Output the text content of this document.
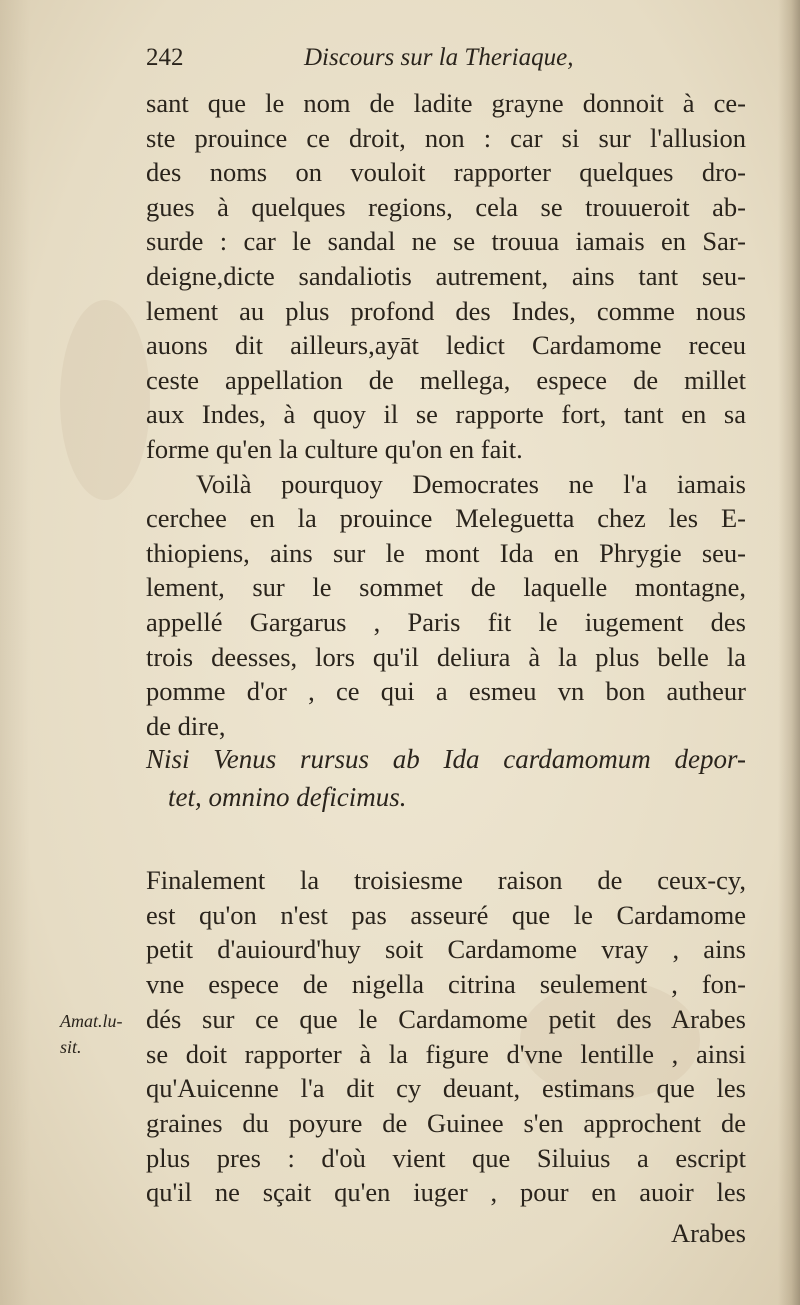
242	Discours sur la Theriaque,
sant que le nom de ladite grayne donnoit à ce-
ste prouince ce droit, non : car si sur l'allusion
des noms on vouloit rapporter quelques dro-
gues à quelques regions, cela se trouueroit ab-
surde : car le sandal ne se trouua iamais en Sar-
deigne,dicte sandaliotis autrement, ains tant seu-
lement au plus profond des Indes, comme nous
auons dit ailleurs,ayāt ledict Cardamome receu
ceste appellation de mellega, espece de millet
aux Indes, à quoy il se rapporte fort, tant en sa
forme qu'en la culture qu'on en fait.
Voilà pourquoy Democrates ne l'a iamais
cerchee en la prouince Meleguetta chez les E-
thiopiens, ains sur le mont Ida en Phrygie seu-
lement, sur le sommet de laquelle montagne,
appellé Gargarus , Paris fit le iugement des
trois deesses, lors qu'il deliura à la plus belle la
pomme d'or , ce qui a esmeu vn bon autheur
de dire,
Nisi Venus rursus ab Ida cardamomum depor-
tet, omnino deficimus.
Finalement la troisiesme raison de ceux-cy,
est qu'on n'est pas asseuré que le Cardamome
petit d'auiourd'huy soit Cardamome vray , ains
vne espece de nigella citrina seulement , fon-
dés sur ce que le Cardamome petit des Arabes
se doit rapporter à la figure d'vne lentille , ainsi
qu'Auicenne l'a dit cy deuant, estimans que les
graines du poyure de Guinee s'en approchent de
plus pres : d'où vient que Siluius a escript
qu'il ne sçait qu'en iuger , pour en auoir les
Amat.lu-
sit.
Arabes
